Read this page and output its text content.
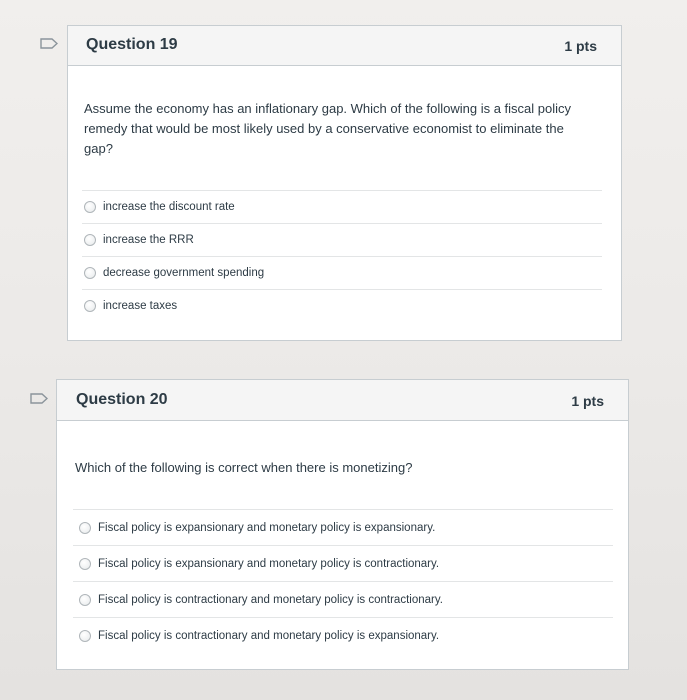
Question 19	1 pts
Assume the economy has an inflationary gap. Which of the following is a fiscal policy remedy that would be most likely used by a conservative economist to eliminate the gap?
increase the discount rate
increase the RRR
decrease government spending
increase taxes
Question 20	1 pts
Which of the following is correct when there is monetizing?
Fiscal policy is expansionary and monetary policy is expansionary.
Fiscal policy is expansionary and monetary policy is contractionary.
Fiscal policy is contractionary and monetary policy is contractionary.
Fiscal policy is contractionary and monetary policy is expansionary.
